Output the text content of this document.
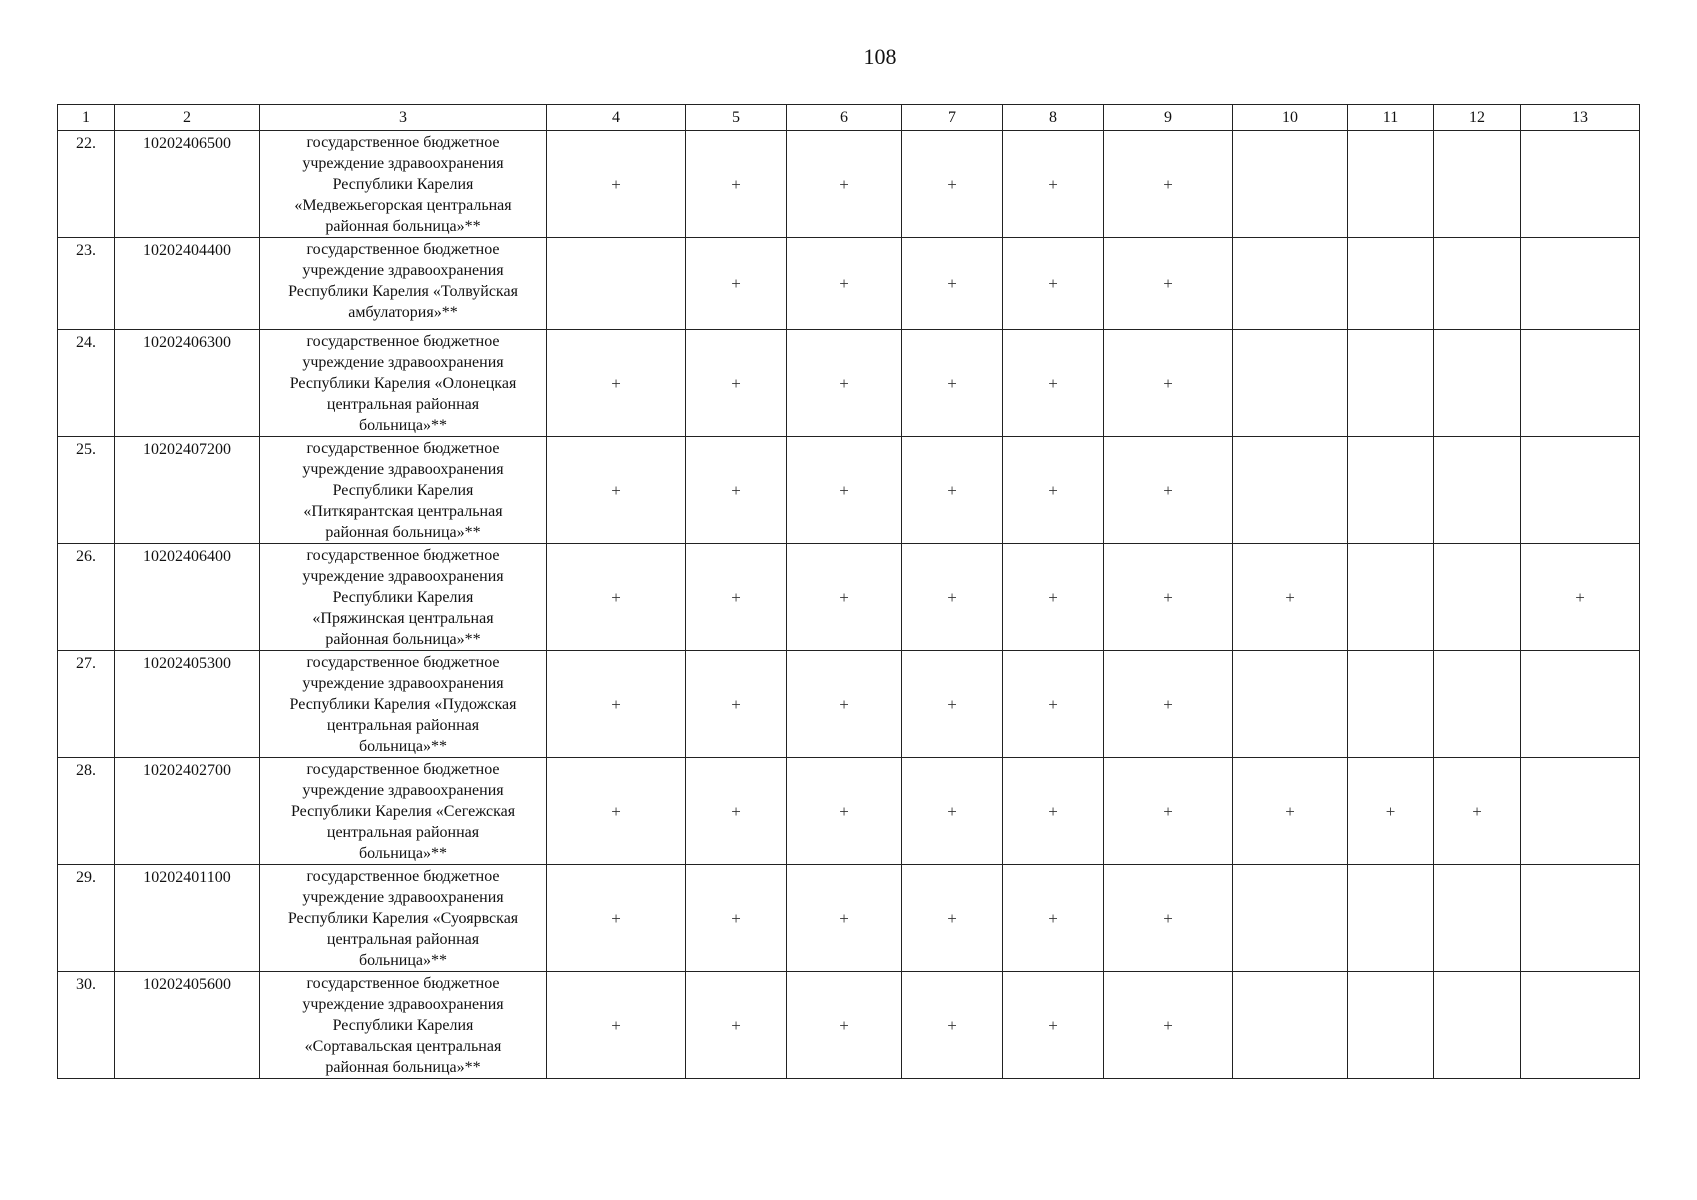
108
1	2	3	4	5	6	7	8	9	10	11	12	13
22.	10202406500	государственное бюджетное
учреждение здравоохранения
Республики Карелия
«Медвежьегорская центральная
районная больница»**	+	+	+	+	+	+				
23.	10202404400	государственное бюджетное
учреждение здравоохранения
Республики Карелия «Толвуйская
амбулатория»**		+	+	+	+	+				
24.	10202406300	государственное бюджетное
учреждение здравоохранения
Республики Карелия «Олонецкая
центральная районная
больница»**	+	+	+	+	+	+				
25.	10202407200	государственное бюджетное
учреждение здравоохранения
Республики Карелия
«Питкярантская центральная
районная больница»**	+	+	+	+	+	+				
26.	10202406400	государственное бюджетное
учреждение здравоохранения
Республики Карелия
«Пряжинская центральная
районная больница»**	+	+	+	+	+	+	+			+
27.	10202405300	государственное бюджетное
учреждение здравоохранения
Республики Карелия «Пудожская
центральная районная
больница»**	+	+	+	+	+	+				
28.	10202402700	государственное бюджетное
учреждение здравоохранения
Республики Карелия «Сегежская
центральная районная
больница»**	+	+	+	+	+	+	+	+	+	
29.	10202401100	государственное бюджетное
учреждение здравоохранения
Республики Карелия «Суоярвская
центральная районная
больница»**	+	+	+	+	+	+				
30.	10202405600	государственное бюджетное
учреждение здравоохранения
Республики Карелия
«Сортавальская центральная
районная больница»**	+	+	+	+	+	+				
